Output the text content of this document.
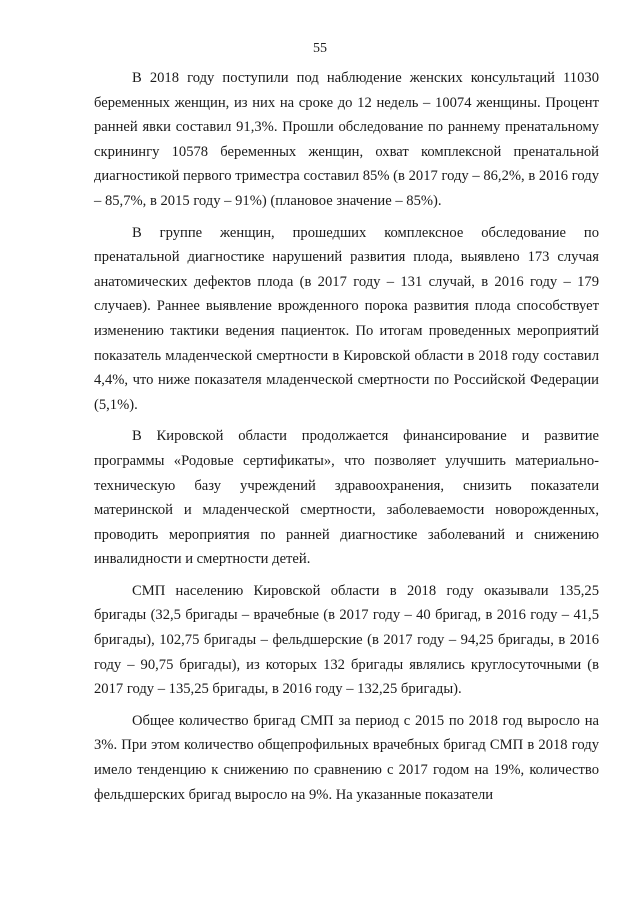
55

В 2018 году поступили под наблюдение женских консультаций 11030 беременных женщин, из них на сроке до 12 недель – 10074 женщины. Процент ранней явки составил 91,3%. Прошли обследование по раннему пренатальному скринингу 10578 беременных женщин, охват комплексной пренатальной диагностикой первого триместра составил 85% (в 2017 году – 86,2%, в 2016 году – 85,7%, в 2015 году – 91%) (плановое значение – 85%).

В группе женщин, прошедших комплексное обследование по пренатальной диагностике нарушений развития плода, выявлено 173 случая анатомических дефектов плода (в 2017 году – 131 случай, в 2016 году – 179 случаев). Раннее выявление врожденного порока развития плода способствует изменению тактики ведения пациенток. По итогам проведенных мероприятий показатель младенческой смертности в Кировской области в 2018 году составил 4,4%, что ниже показателя младенческой смертности по Российской Федерации (5,1%).

В Кировской области продолжается финансирование и развитие программы «Родовые сертификаты», что позволяет улучшить материально-техническую базу учреждений здравоохранения, снизить показатели материнской и младенческой смертности, заболеваемости новорожденных, проводить мероприятия по ранней диагностике заболеваний и снижению инвалидности и смертности детей.

СМП населению Кировской области в 2018 году оказывали 135,25 бригады (32,5 бригады – врачебные (в 2017 году – 40 бригад, в 2016 году – 41,5 бригады), 102,75 бригады – фельдшерские (в 2017 году – 94,25 бригады, в 2016 году – 90,75 бригады), из которых 132 бригады являлись круглосуточными (в 2017 году – 135,25 бригады, в 2016 году – 132,25 бригады).

Общее количество бригад СМП за период с 2015 по 2018 год выросло на 3%. При этом количество общепрофильных врачебных бригад СМП в 2018 году имело тенденцию к снижению по сравнению с 2017 годом на 19%, количество фельдшерских бригад выросло на 9%. На указанные показатели
